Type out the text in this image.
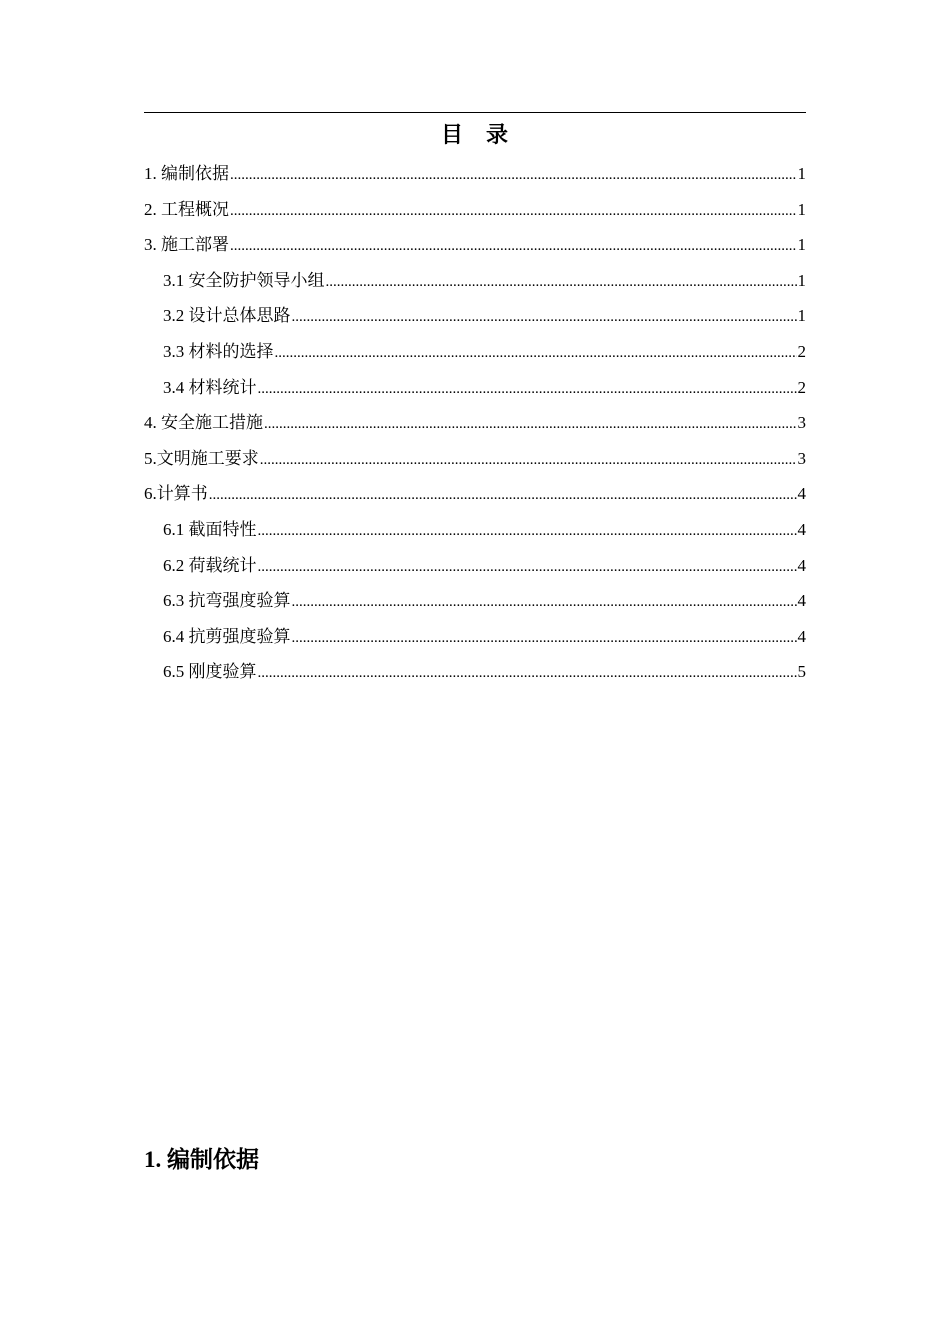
目 录
1. 编制依据 .....	1
2. 工程概况 .....	1
3. 施工部署 .....	1
3.1 安全防护领导小组 .....	1
3.2 设计总体思路 .....	1
3.3 材料的选择 .....	2
3.4 材料统计 .....	2
4. 安全施工措施 .....	3
5.文明施工要求 .....	3
6.计算书 .....	4
6.1 截面特性 .....	4
6.2 荷载统计 .....	4
6.3 抗弯强度验算 .....	4
6.4 抗剪强度验算 .....	4
6.5 刚度验算 .....	5
1. 编制依据
